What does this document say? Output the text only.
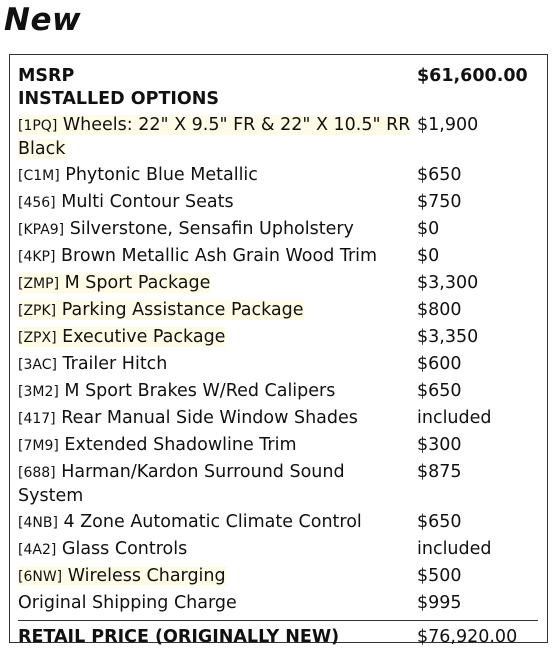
New
MSRP	$61,600.00
INSTALLED OPTIONS	
[1PQ] Wheels: 22" X 9.5" FR & 22" X 10.5" RR Black	$1,900
[C1M] Phytonic Blue Metallic	$650
[456] Multi Contour Seats	$750
[KPA9] Silverstone, Sensafin Upholstery	$0
[4KP] Brown Metallic Ash Grain Wood Trim	$0
[ZMP] M Sport Package	$3,300
[ZPK] Parking Assistance Package	$800
[ZPX] Executive Package	$3,350
[3AC] Trailer Hitch	$600
[3M2] M Sport Brakes W/Red Calipers	$650
[417] Rear Manual Side Window Shades	included
[7M9] Extended Shadowline Trim	$300
[688] Harman/Kardon Surround Sound System	$875
[4NB] 4 Zone Automatic Climate Control	$650
[4A2] Glass Controls	included
[6NW] Wireless Charging	$500
Original Shipping Charge	$995
RETAIL PRICE (ORIGINALLY NEW)	$76,920.00
